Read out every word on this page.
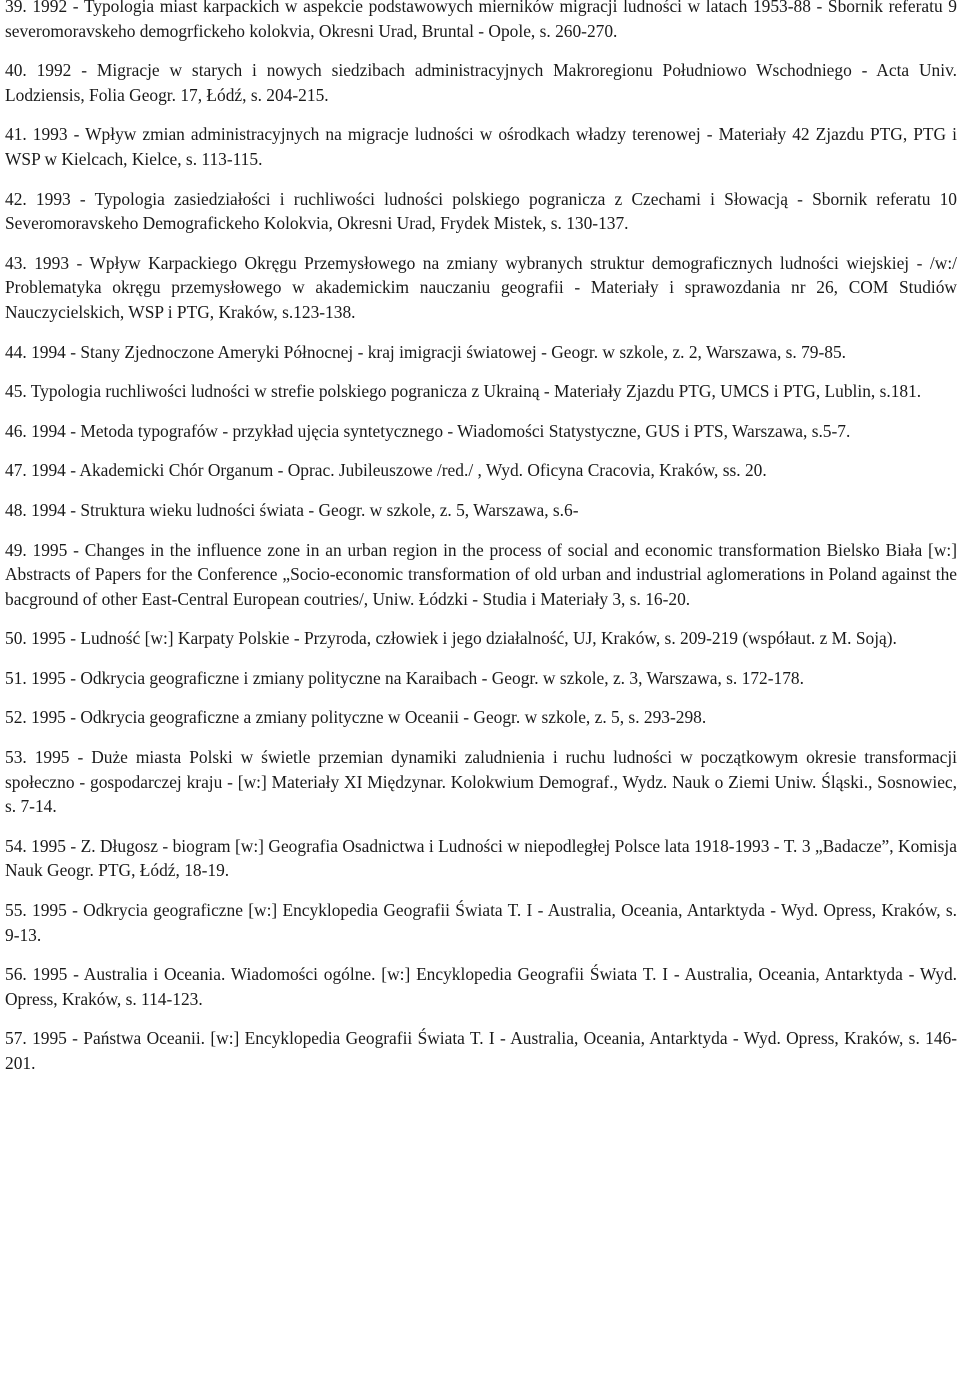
39. 1992 - Typologia miast karpackich w aspekcie podstawowych mierników migracji ludności w latach 1953-88 - Sbornik referatu 9 severomoravskeho demogrfickeho kolokvia, Okresni Urad, Bruntal - Opole, s. 260-270.

40. 1992 - Migracje w starych i nowych siedzibach administracyjnych Makroregionu Południowo Wschodniego - Acta Univ. Lodziensis, Folia Geogr. 17, Łódź, s. 204-215.

41. 1993 - Wpływ zmian administracyjnych na migracje ludności w ośrodkach władzy terenowej - Materiały 42 Zjazdu PTG, PTG i WSP w Kielcach, Kielce, s. 113-115.

42. 1993 - Typologia zasiedziałości i ruchliwości ludności polskiego pogranicza z Czechami i Słowacją - Sbornik referatu 10 Severomoravskeho Demografickeho Kolokvia, Okresni Urad, Frydek Mistek, s. 130-137.

43. 1993 - Wpływ Karpackiego Okręgu Przemysłowego na zmiany wybranych struktur demograficznych ludności wiejskiej - /w:/ Problematyka okręgu przemysłowego w akademickim nauczaniu geografii - Materiały i sprawozdania nr 26, COM Studiów Nauczycielskich, WSP i PTG, Kraków, s.123-138.

44. 1994 - Stany Zjednoczone Ameryki Północnej - kraj imigracji światowej - Geogr. w szkole, z. 2, Warszawa, s. 79-85.

45. Typologia ruchliwości ludności w strefie polskiego pogranicza z Ukrainą - Materiały Zjazdu PTG, UMCS i PTG, Lublin, s.181.

46. 1994 - Metoda typografów - przykład ujęcia syntetycznego - Wiadomości Statystyczne, GUS i PTS, Warszawa, s.5-7.

47. 1994 - Akademicki Chór Organum - Oprac. Jubileuszowe /red./ , Wyd. Oficyna Cracovia, Kraków, ss. 20.

48. 1994 - Struktura wieku ludności świata - Geogr. w szkole, z. 5, Warszawa, s.6-

49. 1995 - Changes in the influence zone in an urban region in the process of social and economic transformation Bielsko Biała [w:] Abstracts of Papers for the Conference „Socio-economic transformation of old urban and industrial aglomerations in Poland against the bacground of other East-Central European coutries/, Uniw. Łódzki - Studia i Materiały 3, s. 16-20.

50. 1995 - Ludność [w:] Karpaty Polskie - Przyroda, człowiek i jego działalność, UJ, Kraków, s. 209-219 (współaut. z M. Soją).

51. 1995 - Odkrycia geograficzne i zmiany polityczne na Karaibach - Geogr. w szkole, z. 3, Warszawa, s. 172-178.

52. 1995 - Odkrycia geograficzne a zmiany polityczne w Oceanii - Geogr. w szkole, z. 5, s. 293-298.

53. 1995 - Duże miasta Polski w świetle przemian dynamiki zaludnienia i ruchu ludności w początkowym okresie transformacji społeczno - gospodarczej kraju - [w:] Materiały XI Międzynar. Kolokwium Demograf., Wydz. Nauk o Ziemi Uniw. Śląski., Sosnowiec, s. 7-14.

54. 1995 - Z. Długosz - biogram [w:] Geografia Osadnictwa i Ludności w niepodległej Polsce lata 1918-1993 - T. 3 „Badacze”, Komisja Nauk Geogr. PTG, Łódź, 18-19.

55. 1995 - Odkrycia geograficzne [w:] Encyklopedia Geografii Świata T. I - Australia, Oceania, Antarktyda - Wyd. Opress, Kraków, s. 9-13.

56. 1995 - Australia i Oceania. Wiadomości ogólne. [w:] Encyklopedia Geografii Świata T. I - Australia, Oceania, Antarktyda - Wyd. Opress, Kraków, s. 114-123.

57. 1995 - Państwa Oceanii. [w:] Encyklopedia Geografii Świata T. I - Australia, Oceania, Antarktyda - Wyd. Opress, Kraków, s. 146-201.
